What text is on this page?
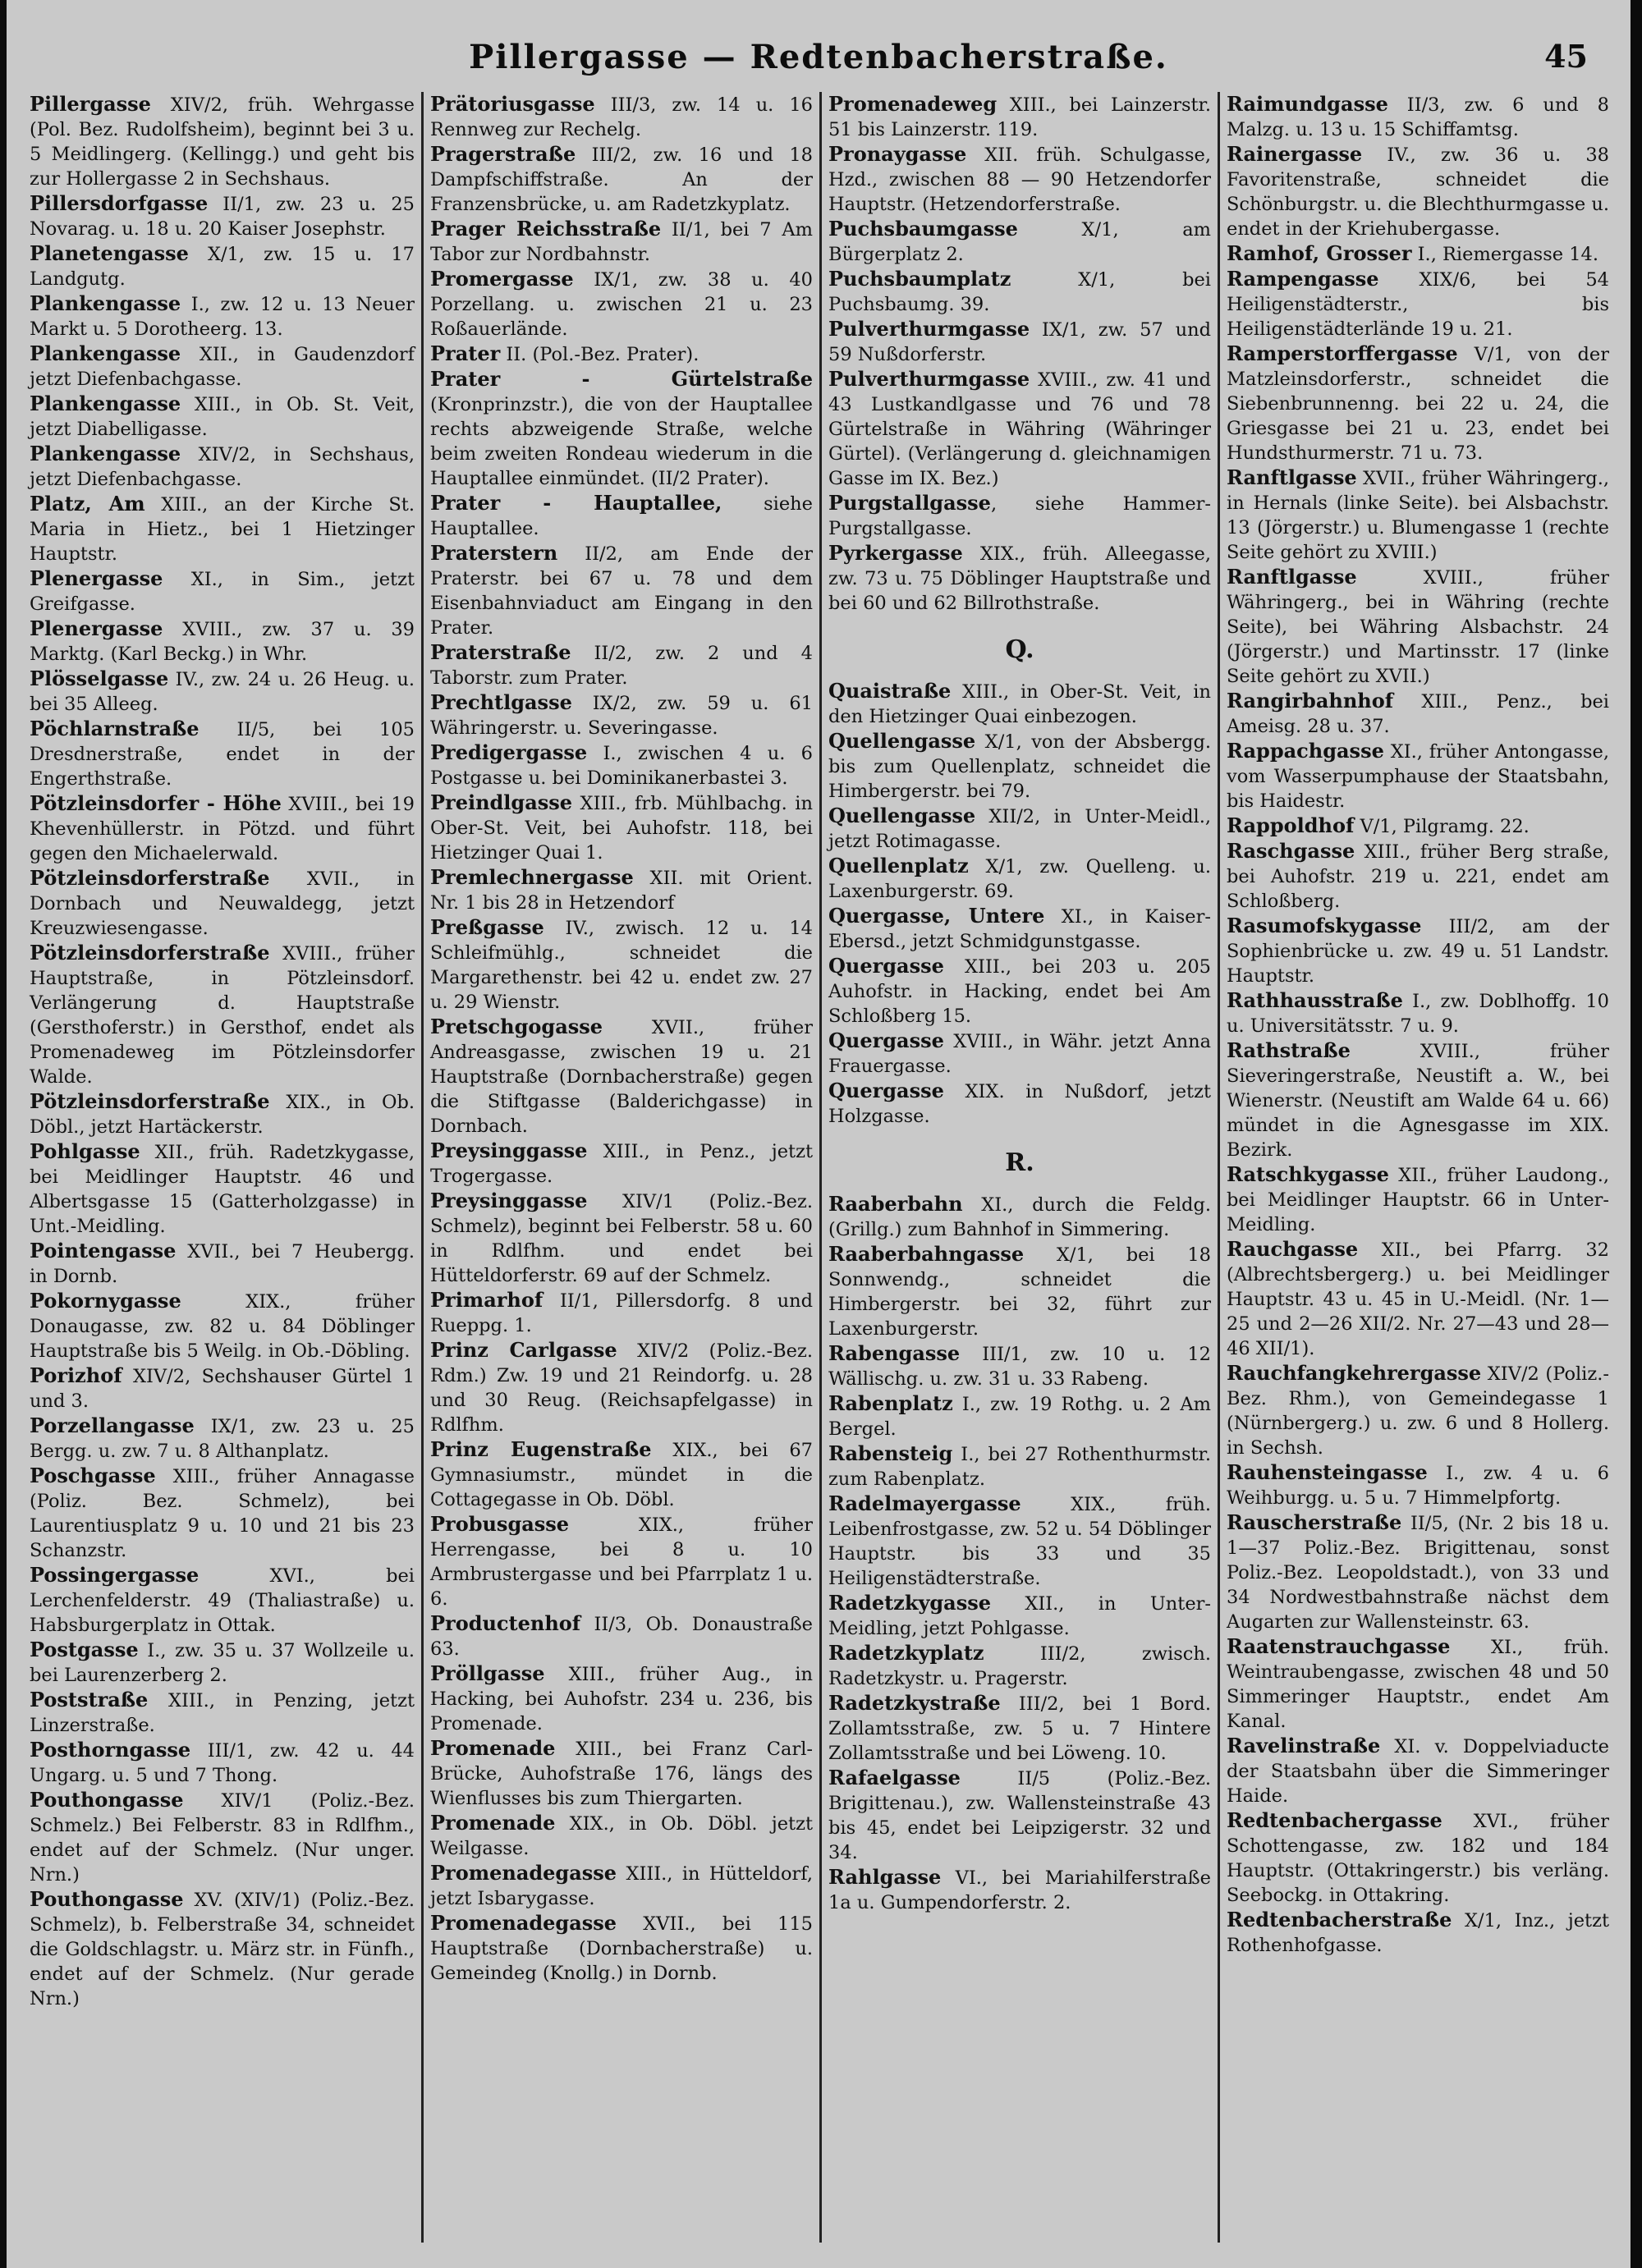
Pillergasse — Redtenbacherstraße.	45

Pillergasse XIV/2, früh. Wehrgasse (Pol. Bez. Rudolfsheim), beginnt bei 3 u. 5 Meidlingerg. (Kellingg.) und geht bis zur Hollergasse 2 in Sechshaus.

Pillersdorfgasse II/1, zw. 23 u. 25 Novarag. u. 18 u. 20 Kaiser Josephstr.

Planetengasse X/1, zw. 15 u. 17 Landgutg.

Plankengasse I., zw. 12 u. 13 Neuer Markt u. 5 Dorotheerg. 13.

Plankengasse XII., in Gaudenzdorf jetzt Diefenbachgasse.

Plankengasse XIII., in Ob. St. Veit, jetzt Diabelligasse.

Plankengasse XIV/2, in Sechshaus, jetzt Diefenbachgasse.

Platz, Am XIII., an der Kirche St. Maria in Hietz., bei 1 Hietzinger Hauptstr.

Plenergasse XI., in Sim., jetzt Greifgasse.

Plenergasse XVIII., zw. 37 u. 39 Marktg. (Karl Beckg.) in Whr.

Plösselgasse IV., zw. 24 u. 26 Heug. u. bei 35 Alleeg.

Pöchlarnstraße II/5, bei 105 Dresdnerstraße, endet in der Engerthstraße.

Pötzleinsdorfer - Höhe XVIII., bei 19 Khevenhüllerstr. in Pötzd. und führt gegen den Michaelerwald.

Pötzleinsdorferstraße XVII., in Dornbach und Neuwaldegg, jetzt Kreuzwiesengasse.

Pötzleinsdorferstraße XVIII., früher Hauptstraße, in Pötzleinsdorf. Verlängerung d. Hauptstraße (Gersthoferstr.) in Gersthof, endet als Promenadeweg im Pötzleinsdorfer Walde.

Pötzleinsdorferstraße XIX., in Ob. Döbl., jetzt Hartäckerstr.

Pohlgasse XII., früh. Radetzkygasse, bei Meidlinger Hauptstr. 46 und Albertsgasse 15 (Gatterholzgasse) in Unt.-Meidling.

Pointengasse XVII., bei 7 Heubergg. in Dornb.

Pokornygasse XIX., früher Donaugasse, zw. 82 u. 84 Döblinger Hauptstraße bis 5 Weilg. in Ob.-Döbling.

Porizhof XIV/2, Sechshauser Gürtel 1 und 3.

Porzellangasse IX/1, zw. 23 u. 25 Bergg. u. zw. 7 u. 8 Althanplatz.

Poschgasse XIII., früher Annagasse (Poliz. Bez. Schmelz), bei Laurentiusplatz 9 u. 10 und 21 bis 23 Schanzstr.

Possingergasse XVI., bei Lerchenfelderstr. 49 (Thaliastraße) u. Habsburgerplatz in Ottak.

Postgasse I., zw. 35 u. 37 Wollzeile u. bei Laurenzerberg 2.

Poststraße XIII., in Penzing, jetzt Linzerstraße.

Posthorngasse III/1, zw. 42 u. 44 Ungarg. u. 5 und 7 Thong.

Pouthongasse XIV/1 (Poliz.-Bez. Schmelz.) Bei Felberstr. 83 in Rdlfhm., endet auf der Schmelz. (Nur unger. Nrn.)

Pouthongasse XV. (XIV/1) (Poliz.-Bez. Schmelz), b. Felberstraße 34, schneidet die Goldschlagstr. u. März str. in Fünfh., endet auf der Schmelz. (Nur gerade Nrn.)

Prätoriusgasse III/3, zw. 14 u. 16 Rennweg zur Rechelg.

Pragerstraße III/2, zw. 16 und 18 Dampfschiffstraße. An der Franzensbrücke, u. am Radetzkyplatz.

Prager Reichsstraße II/1, bei 7 Am Tabor zur Nordbahnstr.

Promergasse IX/1, zw. 38 u. 40 Porzellang. u. zwischen 21 u. 23 Roßauerlände.

Prater II. (Pol.-Bez. Prater).

Prater - Gürtelstraße (Kronprinzstr.), die von der Hauptallee rechts abzweigende Straße, welche beim zweiten Rondeau wiederum in die Hauptallee einmündet. (II/2 Prater).

Prater - Hauptallee, siehe Hauptallee.

Praterstern II/2, am Ende der Praterstr. bei 67 u. 78 und dem Eisenbahnviaduct am Eingang in den Prater.

Praterstraße II/2, zw. 2 und 4 Taborstr. zum Prater.

Prechtlgasse IX/2, zw. 59 u. 61 Währingerstr. u. Severingasse.

Predigergasse I., zwischen 4 u. 6 Postgasse u. bei Dominikanerbastei 3.

Preindlgasse XIII., frb. Mühlbachg. in Ober-St. Veit, bei Auhofstr. 118, bei Hietzinger Quai 1.

Premlechnergasse XII. mit Orient. Nr. 1 bis 28 in Hetzendorf

Preßgasse IV., zwisch. 12 u. 14 Schleifmühlg., schneidet die Margarethenstr. bei 42 u. endet zw. 27 u. 29 Wienstr.

Pretschgogasse XVII., früher Andreasgasse, zwischen 19 u. 21 Hauptstraße (Dornbacherstraße) gegen die Stiftgasse (Balderichgasse) in Dornbach.

Preysinggasse XIII., in Penz., jetzt Trogergasse.

Preysinggasse XIV/1 (Poliz.-Bez. Schmelz), beginnt bei Felberstr. 58 u. 60 in Rdlfhm. und endet bei Hütteldorferstr. 69 auf der Schmelz.

Primarhof II/1, Pillersdorfg. 8 und Rueppg. 1.

Prinz Carlgasse XIV/2 (Poliz.-Bez. Rdm.) Zw. 19 und 21 Reindorfg. u. 28 und 30 Reug. (Reichsapfelgasse) in Rdlfhm.

Prinz Eugenstraße XIX., bei 67 Gymnasiumstr., mündet in die Cottagegasse in Ob. Döbl.

Probusgasse XIX., früher Herrengasse, bei 8 u. 10 Armbrustergasse und bei Pfarrplatz 1 u. 6.

Productenhof II/3, Ob. Donaustraße 63.

Pröllgasse XIII., früher Aug., in Hacking, bei Auhofstr. 234 u. 236, bis Promenade.

Promenade XIII., bei Franz Carl-Brücke, Auhofstraße 176, längs des Wienflusses bis zum Thiergarten.

Promenade XIX., in Ob. Döbl. jetzt Weilgasse.

Promenadegasse XIII., in Hütteldorf, jetzt Isbarygasse.

Promenadegasse XVII., bei 115 Hauptstraße (Dornbacherstraße) u. Gemeindeg (Knollg.) in Dornb.

Promenadeweg XIII., bei Lainzerstr. 51 bis Lainzerstr. 119.

Pronaygasse XII. früh. Schulgasse, Hzd., zwischen 88 — 90 Hetzendorfer Hauptstr. (Hetzendorferstraße.

Puchsbaumgasse X/1, am Bürgerplatz 2.

Puchsbaumplatz X/1, bei Puchsbaumg. 39.

Pulverthurmgasse IX/1, zw. 57 und 59 Nußdorferstr.

Pulverthurmgasse XVIII., zw. 41 und 43 Lustkandlgasse und 76 und 78 Gürtelstraße in Währing (Währinger Gürtel). (Verlängerung d. gleichnamigen Gasse im IX. Bez.)

Purgstallgasse, siehe Hammer-Purgstallgasse.

Pyrkergasse XIX., früh. Alleegasse, zw. 73 u. 75 Döblinger Hauptstraße und bei 60 und 62 Billrothstraße.

Q.

Quaistraße XIII., in Ober-St. Veit, in den Hietzinger Quai einbezogen.

Quellengasse X/1, von der Absbergg. bis zum Quellenplatz, schneidet die Himbergerstr. bei 79.

Quellengasse XII/2, in Unter-Meidl., jetzt Rotimagasse.

Quellenplatz X/1, zw. Quelleng. u. Laxenburgerstr. 69.

Quergasse, Untere XI., in Kaiser-Ebersd., jetzt Schmidgunstgasse.

Quergasse XIII., bei 203 u. 205 Auhofstr. in Hacking, endet bei Am Schloßberg 15.

Quergasse XVIII., in Währ. jetzt Anna Frauergasse.

Quergasse XIX. in Nußdorf, jetzt Holzgasse.

R.

Raaberbahn XI., durch die Feldg. (Grillg.) zum Bahnhof in Simmering.

Raaberbahngasse X/1, bei 18 Sonnwendg., schneidet die Himbergerstr. bei 32, führt zur Laxenburgerstr.

Rabengasse III/1, zw. 10 u. 12 Wällischg. u. zw. 31 u. 33 Rabeng.

Rabenplatz I., zw. 19 Rothg. u. 2 Am Bergel.

Rabensteig I., bei 27 Rothenthurmstr. zum Rabenplatz.

Radelmayergasse XIX., früh. Leibenfrostgasse, zw. 52 u. 54 Döblinger Hauptstr. bis 33 und 35 Heiligenstädterstraße.

Radetzkygasse XII., in Unter-Meidling, jetzt Pohlgasse.

Radetzkyplatz III/2, zwisch. Radetzkystr. u. Pragerstr.

Radetzkystraße III/2, bei 1 Bord. Zollamtsstraße, zw. 5 u. 7 Hintere Zollamtsstraße und bei Löweng. 10.

Rafaelgasse II/5 (Poliz.-Bez. Brigittenau.), zw. Wallensteinstraße 43 bis 45, endet bei Leipzigerstr. 32 und 34.

Rahlgasse VI., bei Mariahilferstraße 1a u. Gumpendorferstr. 2.

Raimundgasse II/3, zw. 6 und 8 Malzg. u. 13 u. 15 Schiffamtsg.

Rainergasse IV., zw. 36 u. 38 Favoritenstraße, schneidet die Schönburgstr. u. die Blechthurmgasse u. endet in der Kriehubergasse.

Ramhof, Grosser I., Riemergasse 14.

Rampengasse XIX/6, bei 54 Heiligenstädterstr., bis Heiligenstädterlände 19 u. 21.

Ramperstorffergasse V/1, von der Matzleinsdorferstr., schneidet die Siebenbrunnenng. bei 22 u. 24, die Griesgasse bei 21 u. 23, endet bei Hundsthurmerstr. 71 u. 73.

Ranftlgasse XVII., früher Währingerg., in Hernals (linke Seite). bei Alsbachstr. 13 (Jörgerstr.) u. Blumengasse 1 (rechte Seite gehört zu XVIII.)

Ranftlgasse XVIII., früher Währingerg., bei in Währing (rechte Seite), bei Währing Alsbachstr. 24 (Jörgerstr.) und Martinsstr. 17 (linke Seite gehört zu XVII.)

Rangirbahnhof XIII., Penz., bei Ameisg. 28 u. 37.

Rappachgasse XI., früher Antongasse, vom Wasserpumphause der Staatsbahn, bis Haidestr.

Rappoldhof V/1, Pilgramg. 22.

Raschgasse XIII., früher Berg straße, bei Auhofstr. 219 u. 221, endet am Schloßberg.

Rasumofskygasse III/2, am der Sophienbrücke u. zw. 49 u. 51 Landstr. Hauptstr.

Rathhausstraße I., zw. Doblhoffg. 10 u. Universitätsstr. 7 u. 9.

Rathstraße XVIII., früher Sieveringerstraße, Neustift a. W., bei Wienerstr. (Neustift am Walde 64 u. 66) mündet in die Agnesgasse im XIX. Bezirk.

Ratschkygasse XII., früher Laudong., bei Meidlinger Hauptstr. 66 in Unter-Meidling.

Rauchgasse XII., bei Pfarrg. 32 (Albrechtsbergerg.) u. bei Meidlinger Hauptstr. 43 u. 45 in U.-Meidl. (Nr. 1—25 und 2—26 XII/2. Nr. 27—43 und 28—46 XII/1).

Rauchfangkehrergasse XIV/2 (Poliz.-Bez. Rhm.), von Gemeindegasse 1 (Nürnbergerg.) u. zw. 6 und 8 Hollerg. in Sechsh.

Rauhensteingasse I., zw. 4 u. 6 Weihburgg. u. 5 u. 7 Himmelpfortg.

Rauscherstraße II/5, (Nr. 2 bis 18 u. 1—37 Poliz.-Bez. Brigittenau, sonst Poliz.-Bez. Leopoldstadt.), von 33 und 34 Nordwestbahnstraße nächst dem Augarten zur Wallensteinstr. 63.

Raatenstrauchgasse XI., früh. Weintraubengasse, zwischen 48 und 50 Simmeringer Hauptstr., endet Am Kanal.

Ravelinstraße XI. v. Doppelviaducte der Staatsbahn über die Simmeringer Haide.

Redtenbachergasse XVI., früher Schottengasse, zw. 182 und 184 Hauptstr. (Ottakringerstr.) bis verläng. Seebockg. in Ottakring.

Redtenbacherstraße X/1, Inz., jetzt Rothenhofgasse.
